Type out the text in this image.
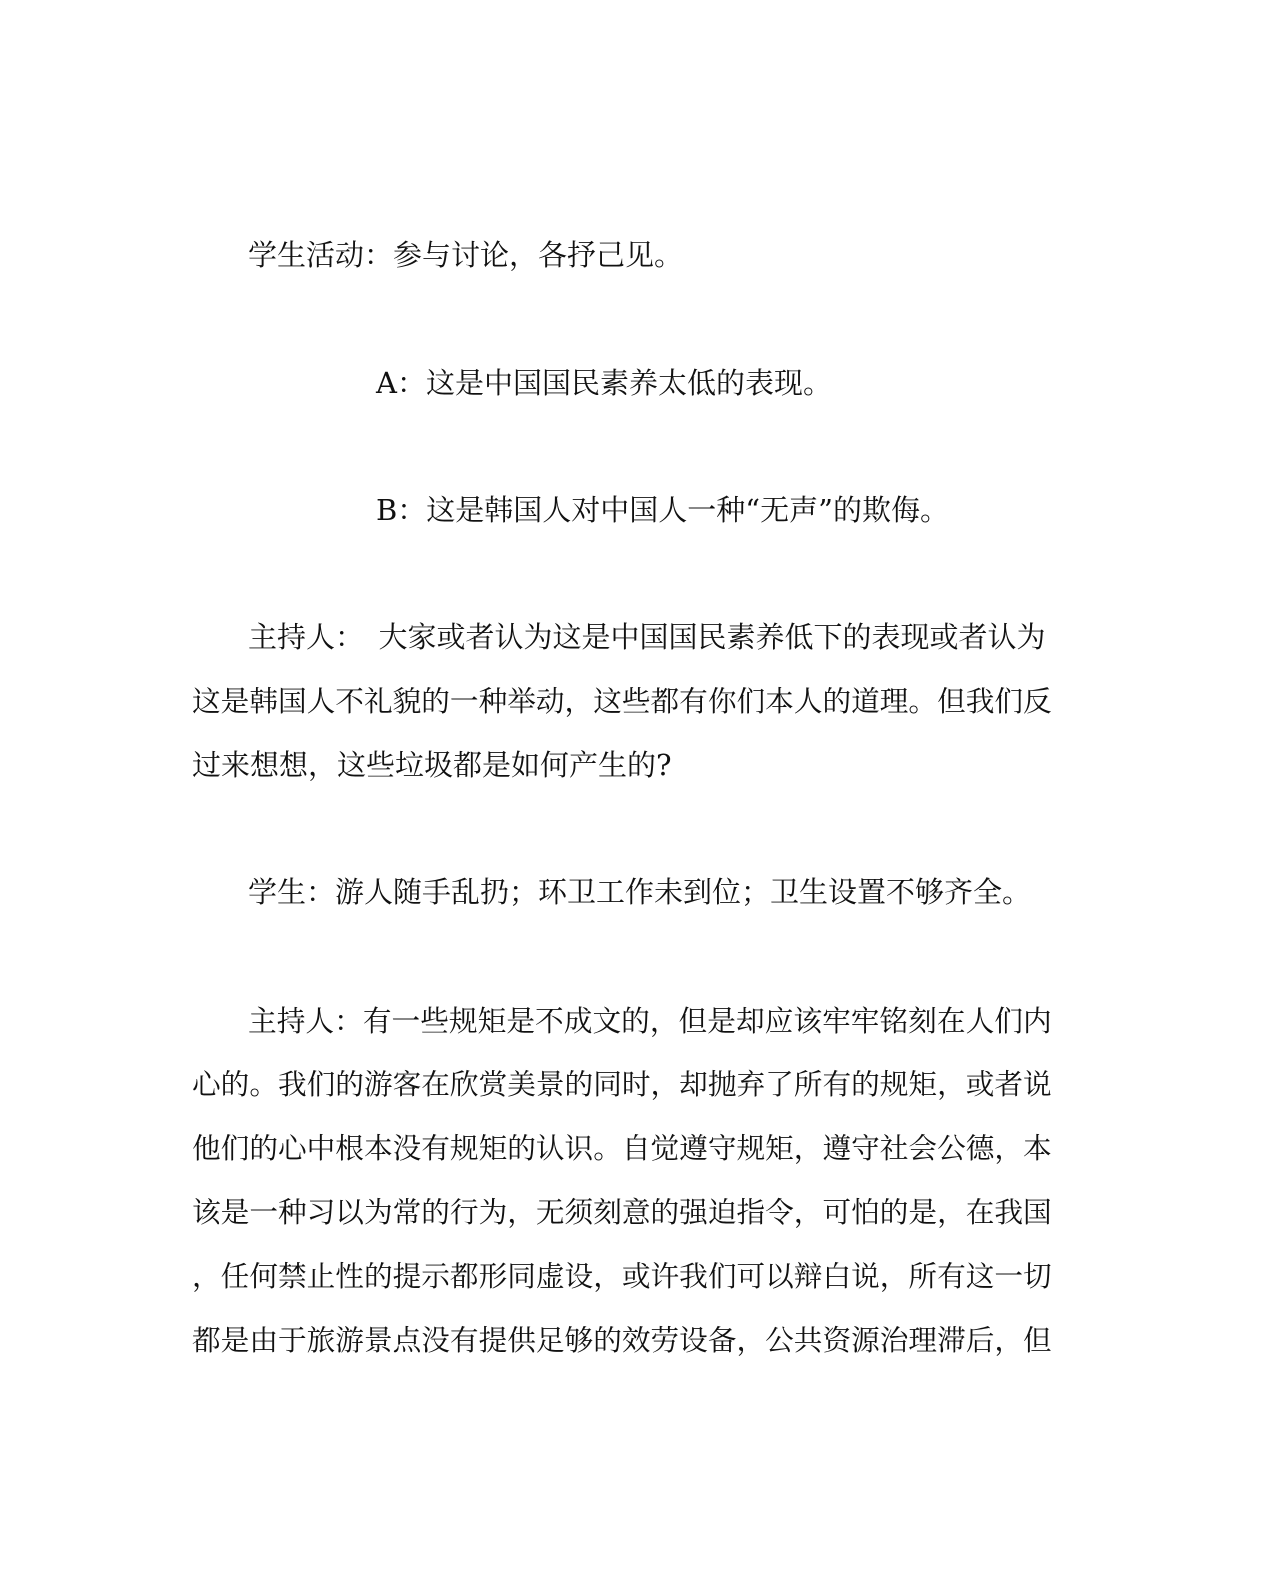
学生活动：参与讨论，各抒己见。
A：这是中国国民素养太低的表现。
B：这是韩国人对中国人一种“无声”的欺侮。
主持人：　大家或者认为这是中国国民素养低下的表现或者认为
这是韩国人不礼貌的一种举动，这些都有你们本人的道理。但我们反
过来想想，这些垃圾都是如何产生的?
学生：游人随手乱扔；环卫工作未到位；卫生设置不够齐全。
主持人：有一些规矩是不成文的，但是却应该牢牢铭刻在人们内
心的。我们的游客在欣赏美景的同时，却抛弃了所有的规矩，或者说
他们的心中根本没有规矩的认识。自觉遵守规矩，遵守社会公德，本
该是一种习以为常的行为，无须刻意的强迫指令，可怕的是，在我国
，任何禁止性的提示都形同虚设，或许我们可以辩白说，所有这一切
都是由于旅游景点没有提供足够的效劳设备，公共资源治理滞后，但
